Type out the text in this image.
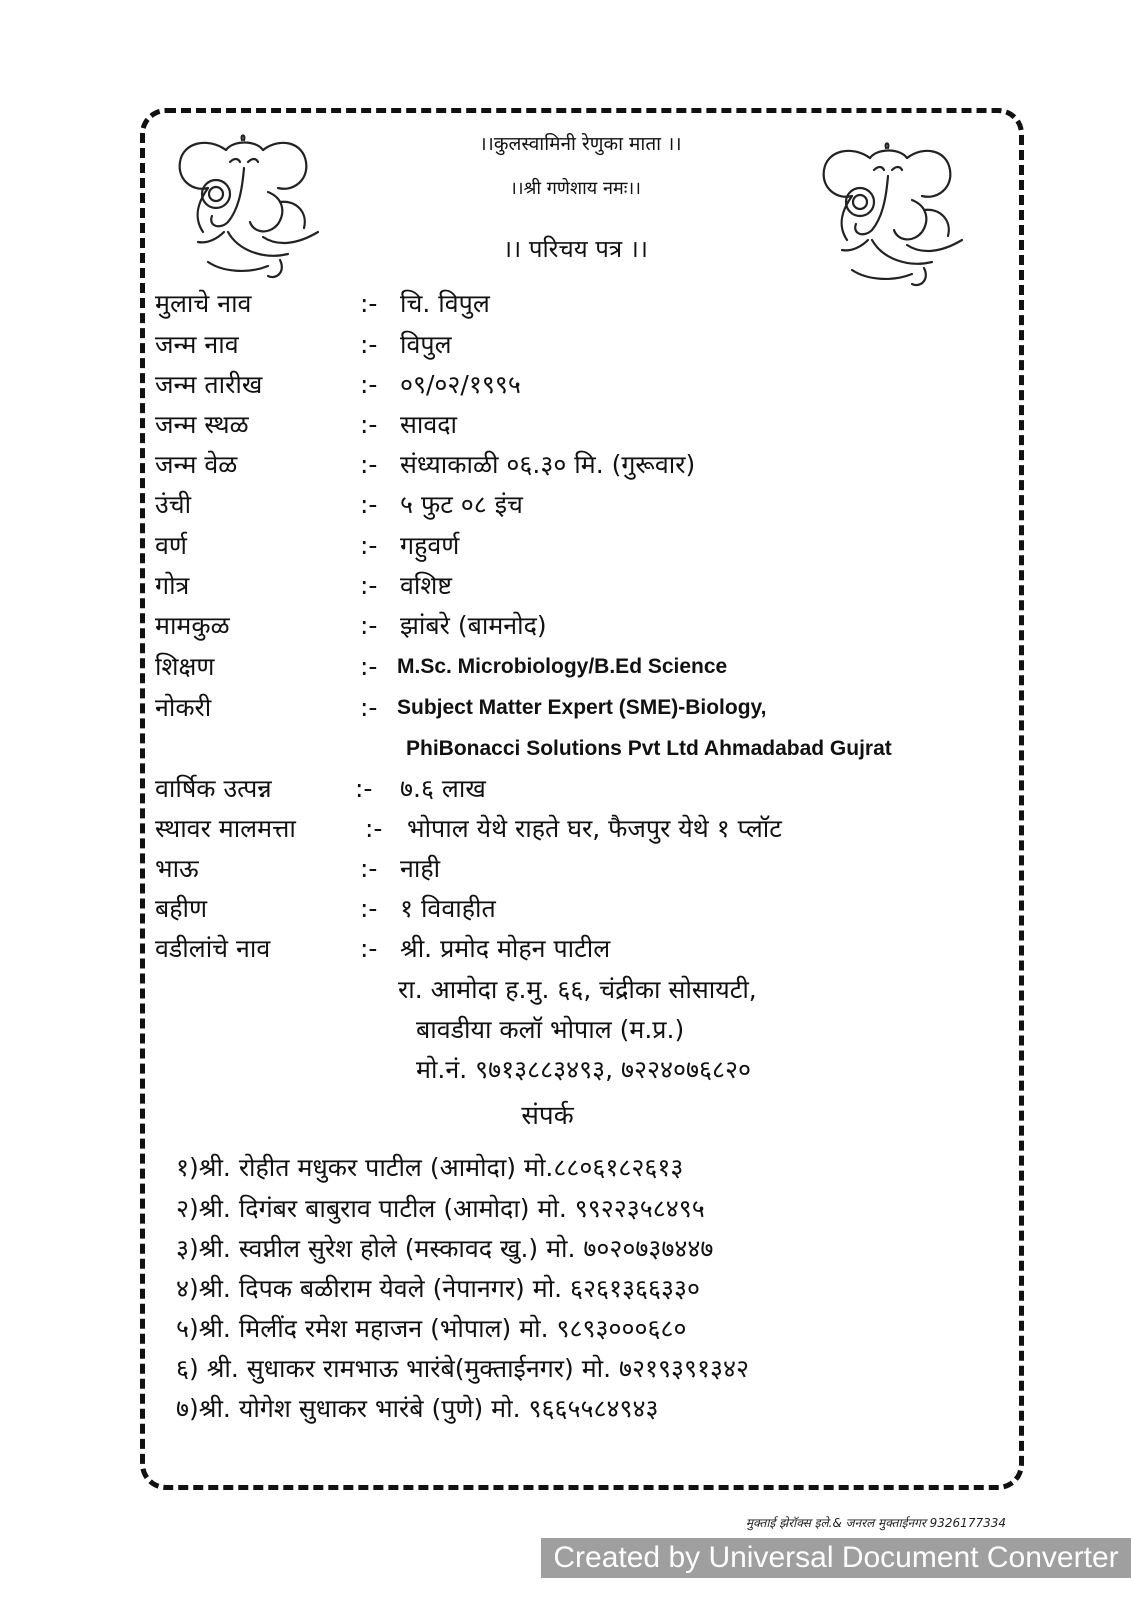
।।कुलस्वामिनी रेणुका माता ।।
।।श्री गणेशाय नमः।।
।। परिचय पत्र ।।
मुलाचे नाव	:- चि. विपुल
जन्म नाव	:- विपुल
जन्म तारीख	:- ०९/०२/१९९५
जन्म स्थळ	:- सावदा
जन्म वेळ	:- संध्याकाळी ०६.३० मि. (गुरूवार)
उंची	:- ५ फुट ०८ इंच
वर्ण	:- गहुवर्ण
गोत्र	:- वशिष्ट
मामकुळ	:- झांबरे (बामनोद)
शिक्षण	:- M.Sc. Microbiology/B.Ed Science
नोकरी	:- Subject Matter Expert (SME)-Biology,
PhiBonacci Solutions Pvt Ltd Ahmadabad Gujrat
वार्षिक उत्पन्न	:- ७.६ लाख
स्थावर मालमत्ता	:- भोपाल येथे राहते घर, फैजपुर येथे १ प्लॉट
भाऊ	:- नाही
बहीण	:- १ विवाहीत
वडीलांचे नाव	:- श्री. प्रमोद मोहन पाटील
रा. आमोदा ह.मु. ६६, चंद्रीका सोसायटी,
बावडीया कलॉ भोपाल (म.प्र.)
मो.नं. ९७१३८८३४९३, ७२२४०७६८२०
संपर्क
१)श्री. रोहीत मधुकर पाटील (आमोदा) मो.८८०६१८२६१३
२)श्री. दिगंबर बाबुराव पाटील (आमोदा) मो. ९९२२३५८४९५
३)श्री. स्वप्नील सुरेश होले (मस्कावद खु.) मो. ७०२०७३७४४७
४)श्री. दिपक बळीराम येवले (नेपानगर) मो. ६२६१३६६३३०
५)श्री. मिलींद रमेश महाजन (भोपाल) मो. ९८९३०००६८०
६) श्री. सुधाकर रामभाऊ भारंबे(मुक्ताईनगर) मो. ७२१९३९१३४२
७)श्री. योगेश सुधाकर भारंबे (पुणे) मो. ९६६५५८४९४३
मुक्ताई झेरॉक्स इले.& जनरल मुक्ताईनगर 9326177334
Created by Universal Document Converter
